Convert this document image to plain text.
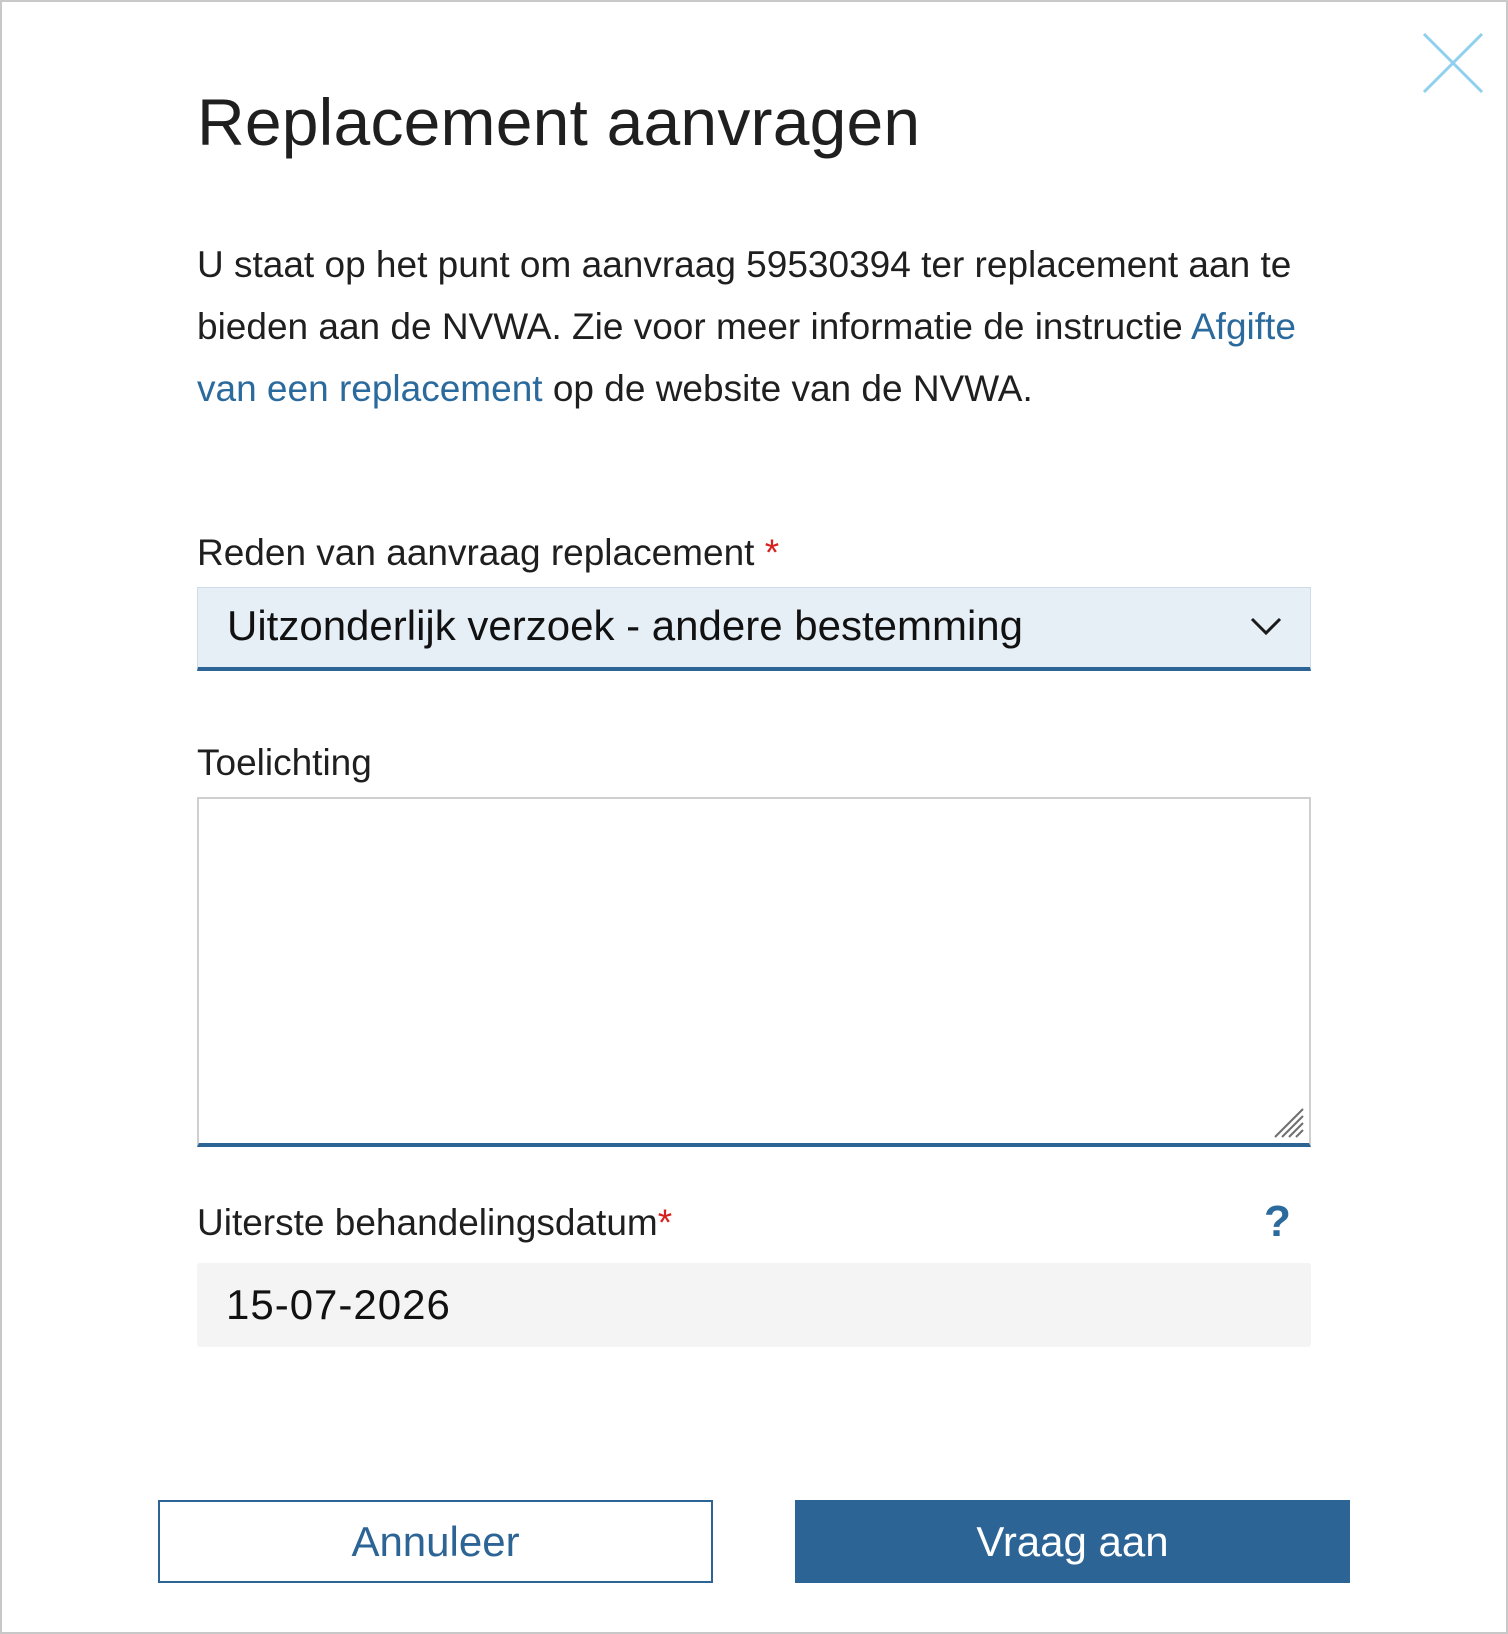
Replacement aanvragen

U staat op het punt om aanvraag 59530394 ter replacement aan te bieden aan de NVWA. Zie voor meer informatie de instructie Afgifte van een replacement op de website van de NVWA.

Reden van aanvraag replacement *
Uitzonderlijk verzoek - andere bestemming
Toelichting
Uiterste behandelingsdatum*	?
15-07-2026
Annuleer	Vraag aan
